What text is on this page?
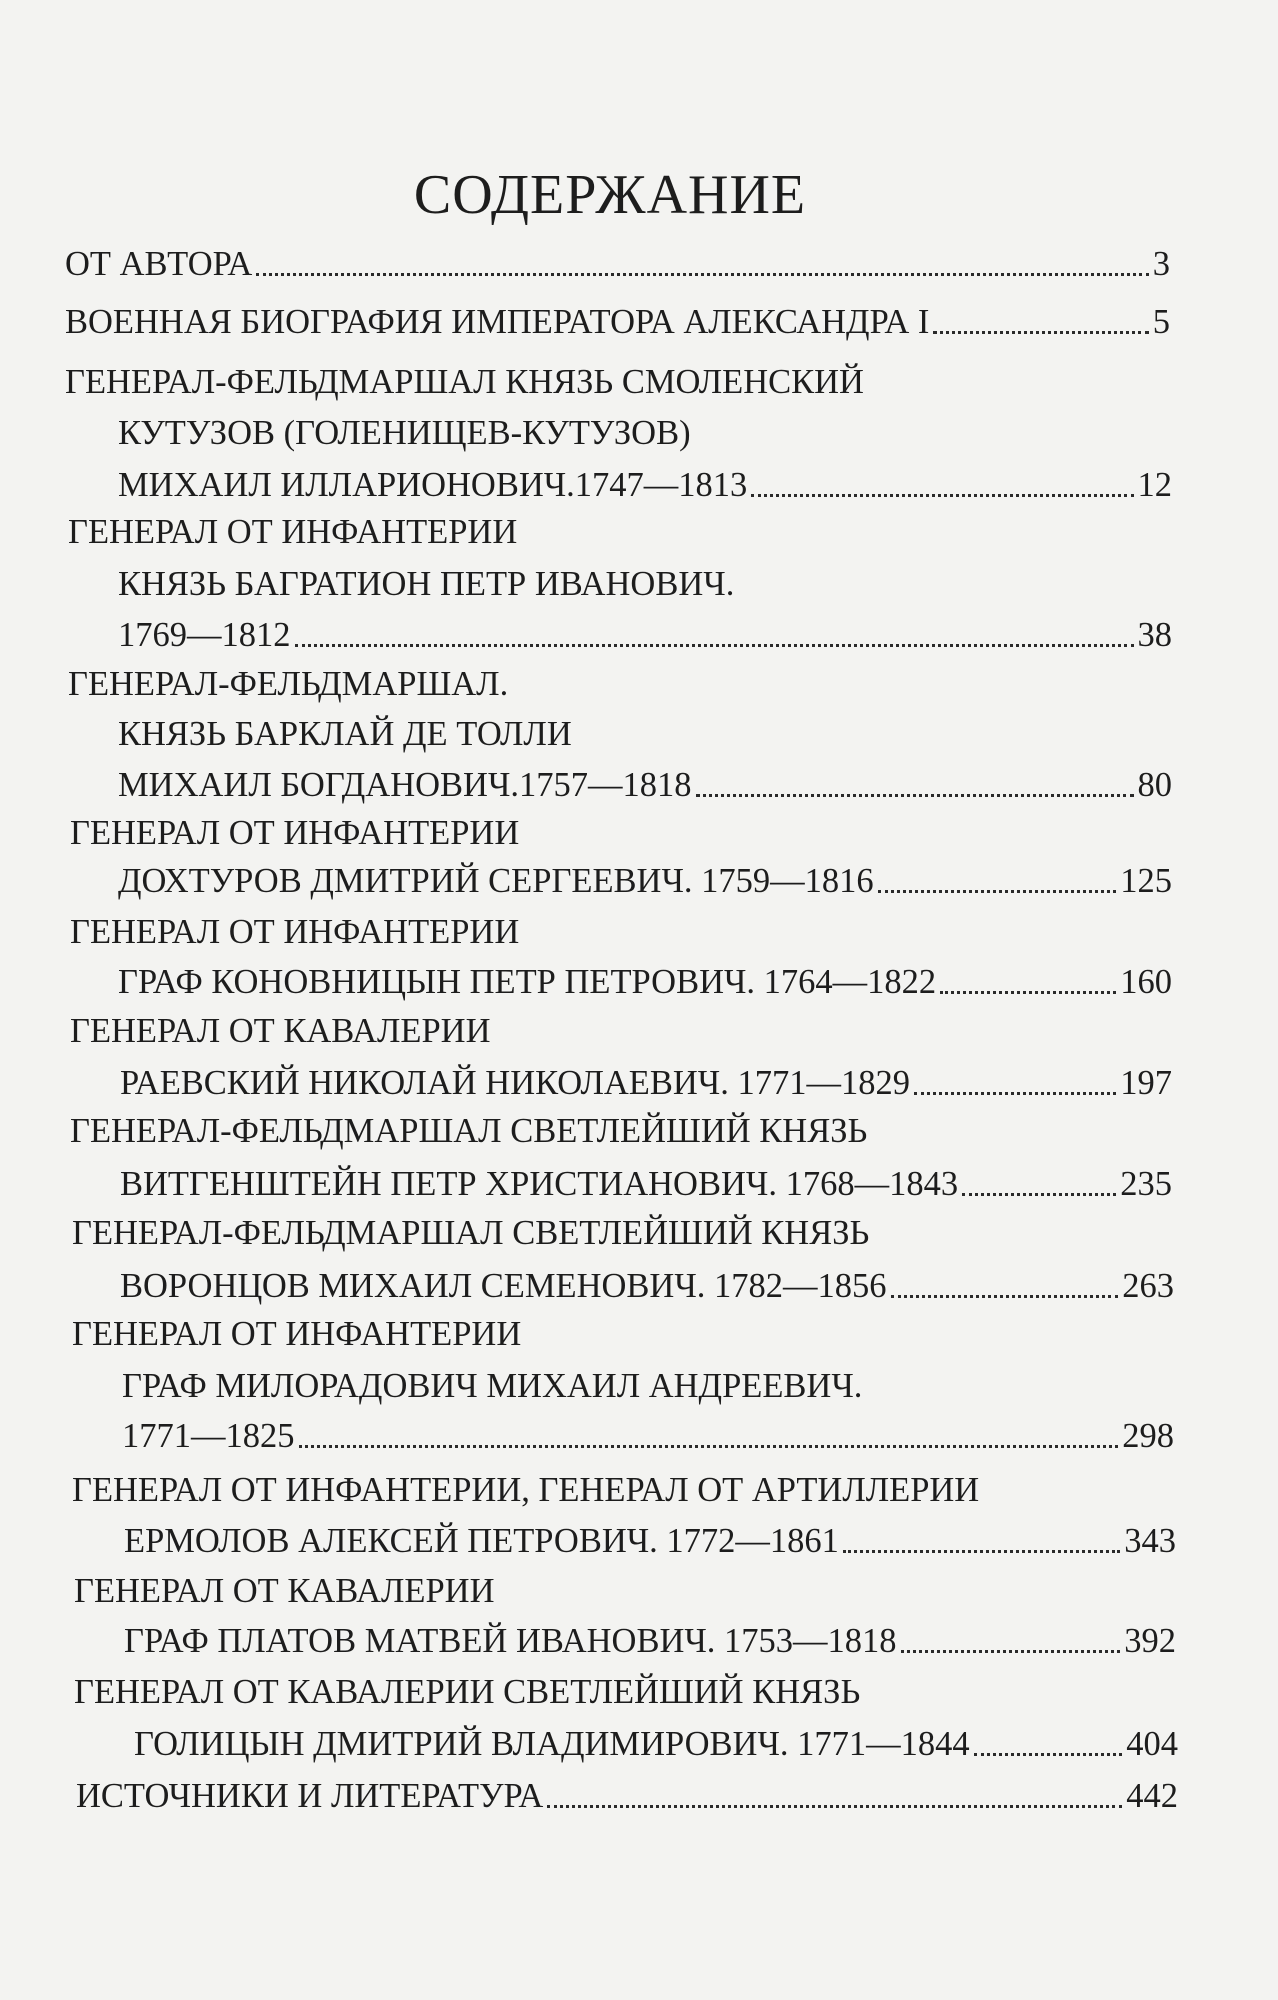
СОДЕРЖАНИЕ
ОТ АВТОРА	3
ВОЕННАЯ БИОГРАФИЯ ИМПЕРАТОРА АЛЕКСАНДРА I	5
ГЕНЕРАЛ-ФЕЛЬДМАРШАЛ КНЯЗЬ СМОЛЕНСКИЙ
КУТУЗОВ (ГОЛЕНИЩЕВ-КУТУЗОВ)
МИХАИЛ ИЛЛАРИОНОВИЧ.1747—1813	12
ГЕНЕРАЛ ОТ ИНФАНТЕРИИ
КНЯЗЬ БАГРАТИОН ПЕТР ИВАНОВИЧ.
1769—1812	38
ГЕНЕРАЛ-ФЕЛЬДМАРШАЛ.
КНЯЗЬ БАРКЛАЙ ДЕ ТОЛЛИ
МИХАИЛ БОГДАНОВИЧ.1757—1818	80
ГЕНЕРАЛ ОТ ИНФАНТЕРИИ
ДОХТУРОВ ДМИТРИЙ СЕРГЕЕВИЧ. 1759—1816	125
ГЕНЕРАЛ ОТ ИНФАНТЕРИИ
ГРАФ КОНОВНИЦЫН ПЕТР ПЕТРОВИЧ. 1764—1822	160
ГЕНЕРАЛ ОТ КАВАЛЕРИИ
РАЕВСКИЙ НИКОЛАЙ НИКОЛАЕВИЧ. 1771—1829	197
ГЕНЕРАЛ-ФЕЛЬДМАРШАЛ СВЕТЛЕЙШИЙ КНЯЗЬ
ВИТГЕНШТЕЙН ПЕТР ХРИСТИАНОВИЧ. 1768—1843	235
ГЕНЕРАЛ-ФЕЛЬДМАРШАЛ СВЕТЛЕЙШИЙ КНЯЗЬ
ВОРОНЦОВ МИХАИЛ СЕМЕНОВИЧ. 1782—1856	263
ГЕНЕРАЛ ОТ ИНФАНТЕРИИ
ГРАФ МИЛОРАДОВИЧ МИХАИЛ АНДРЕЕВИЧ.
1771—1825	298
ГЕНЕРАЛ ОТ ИНФАНТЕРИИ, ГЕНЕРАЛ ОТ АРТИЛЛЕРИИ
ЕРМОЛОВ АЛЕКСЕЙ ПЕТРОВИЧ. 1772—1861	343
ГЕНЕРАЛ ОТ КАВАЛЕРИИ
ГРАФ ПЛАТОВ МАТВЕЙ ИВАНОВИЧ. 1753—1818	392
ГЕНЕРАЛ ОТ КАВАЛЕРИИ СВЕТЛЕЙШИЙ КНЯЗЬ
ГОЛИЦЫН ДМИТРИЙ ВЛАДИМИРОВИЧ. 1771—1844	404
ИСТОЧНИКИ И ЛИТЕРАТУРА	442
